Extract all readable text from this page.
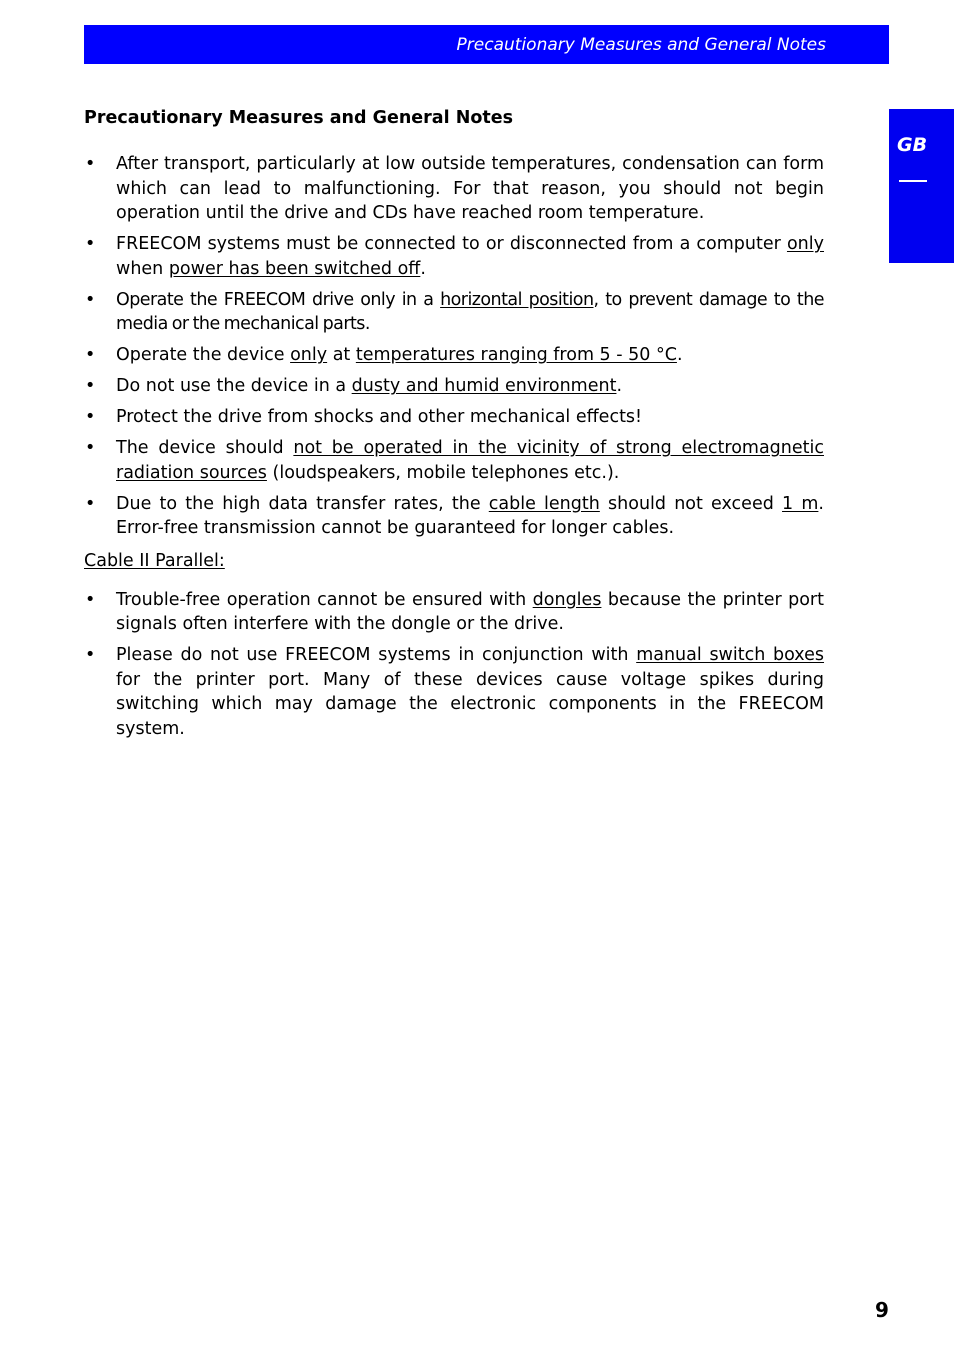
Precautionary Measures and General Notes
GB
Precautionary Measures and General Notes
• After transport, particularly at low outside temperatures, condensation can form which can lead to malfunctioning. For that reason, you should not begin operation until the drive and CDs have reached room temperature.
• FREECOM systems must be connected to or disconnected from a computer only when power has been switched off.
• Operate the FREECOM drive only in a horizontal position, to prevent damage to the media or the mechanical parts.
• Operate the device only at temperatures ranging from 5 - 50 °C.
• Do not use the device in a dusty and humid environment.
• Protect the drive from shocks and other mechanical effects!
• The device should not be operated in the vicinity of strong electromagnetic radiation sources (loudspeakers, mobile telephones etc.).
• Due to the high data transfer rates, the cable length should not exceed 1 m. Error-free transmission cannot be guaranteed for longer cables.
Cable II Parallel:
• Trouble-free operation cannot be ensured with dongles because the printer port signals often interfere with the dongle or the drive.
• Please do not use FREECOM systems in conjunction with manual switch boxes for the printer port. Many of these devices cause voltage spikes during switching which may damage the electronic components in the FREECOM system.
9
